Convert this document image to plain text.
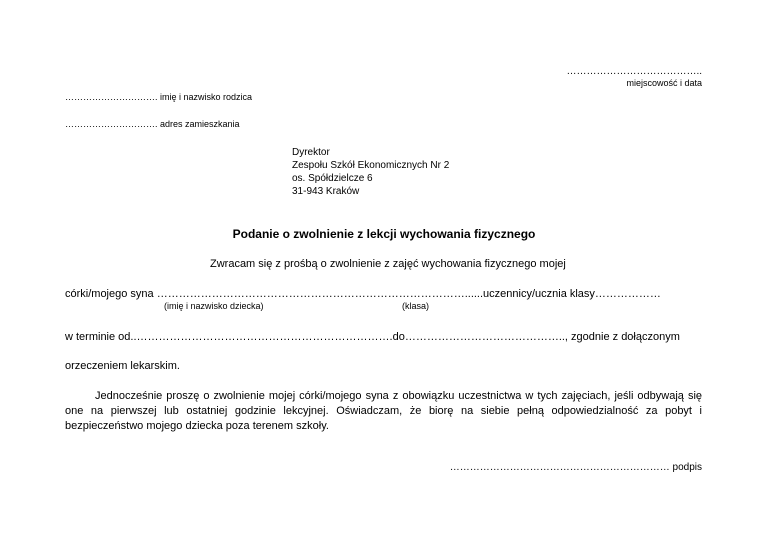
…………………………………..
miejscowość i data
…………………………. imię i nazwisko rodzica
…………………………. adres zamieszkania
Dyrektor
Zespołu Szkół Ekonomicznych Nr 2
os. Spółdzielcze 6
31-943 Kraków
Podanie o zwolnienie z lekcji wychowania fizycznego
Zwracam się z prośbą o zwolnienie z zajęć wychowania fizycznego mojej
córki/mojego syna …………………………………………………………………………......uczennicy/ucznia klasy………………
(imię i nazwisko dziecka)	(klasa)
w terminie od..…………………………………………………………….do…………………………………….., zgodnie z dołączonym
orzeczeniem lekarskim.
Jednocześnie proszę o zwolnienie mojej córki/mojego syna z obowiązku uczestnictwa w tych zajęciach, jeśli odbywają się one na pierwszej lub ostatniej godzinie lekcyjnej. Oświadczam, że biorę na siebie pełną odpowiedzialność za pobyt i bezpieczeństwo mojego dziecka poza terenem szkoły.
………………………………………………………… podpis
